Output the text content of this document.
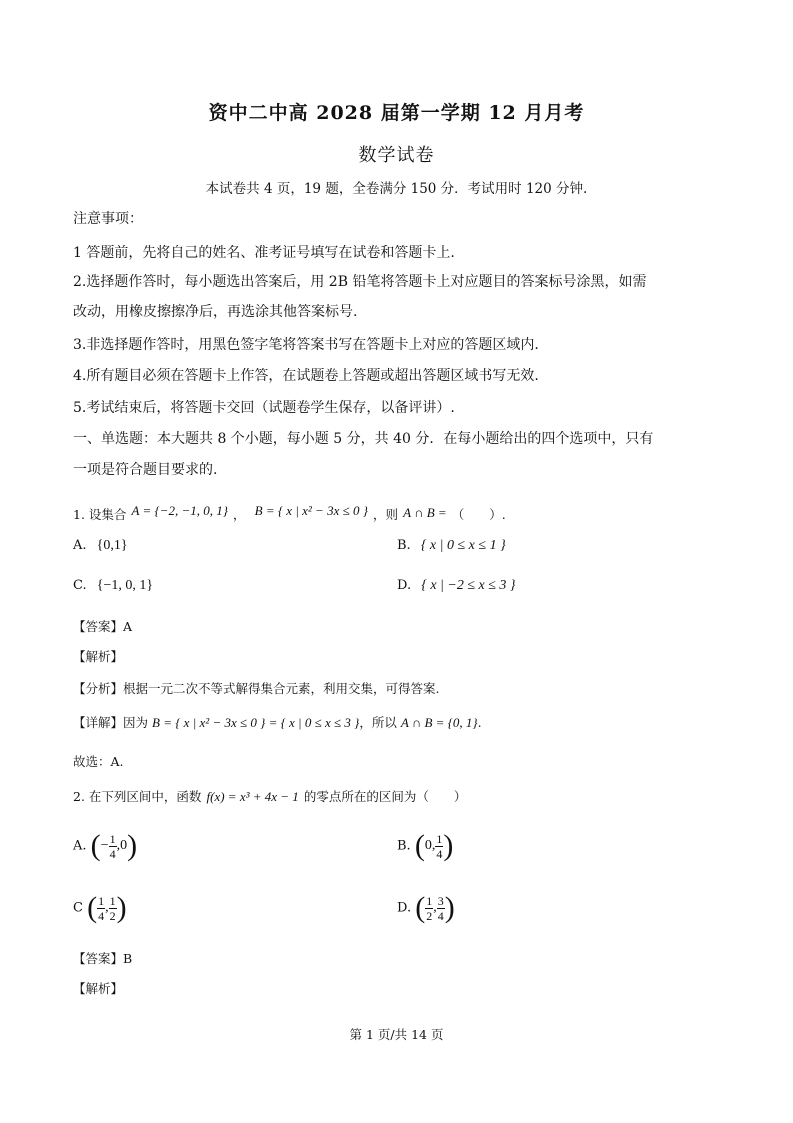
资中二中高 2028 届第一学期 12 月月考
数学试卷
本试卷共 4 页，19 题，全卷满分 150 分．考试用时 120 分钟.
注意事项：
1 答题前，先将自己的姓名、准考证号填写在试卷和答题卡上.
2.选择题作答时，每小题选出答案后，用 2B 铅笔将答题卡上对应题目的答案标号涂黑，如需
改动，用橡皮擦擦净后，再选涂其他答案标号.
3.非选择题作答时，用黑色签字笔将答案书写在答题卡上对应的答题区域内.
4.所有题目必须在答题卡上作答，在试题卷上答题或超出答题区域书写无效.
5.考试结束后，将答题卡交回（试题卷学生保存，以备评讲）.
一、单选题：本大题共 8 个小题，每小题 5 分，共 40 分．在每小题给出的四个选项中，只有
一项是符合题目要求的.
1. 设集合 $^{A = \{-2, -1, 0, 1\}}$ ， $^{B = \{ x | x^2 - 3x \le 0 \}}$ ，则 A ∩ B = （　　）.
A. {0,1}	B. { x | 0 ≤ x ≤ 1 }
C. {−1, 0, 1}	D. { x | −2 ≤ x ≤ 3 }
【答案】A
【解析】
【分析】根据一元二次不等式解得集合元素，利用交集，可得答案.
【详解】因为 B = { x | x² − 3x ≤ 0 } = { x | 0 ≤ x ≤ 3 }，所以 A ∩ B = {0, 1}.
故选：A.
2. 在下列区间中，函数 f(x) = x³ + 4x − 1 的零点所在的区间为（　　）
A. (− $\frac{1}{4} ,0$)	B. (0, $\frac{1}{4}$ )
C ( $\frac{1}{4}$ , $\frac{1}{2}$ )	D. ( $\frac{1}{2}$ , $\frac{3}{4}$ )
【答案】B
【解析】
第 1 页/共 14 页
